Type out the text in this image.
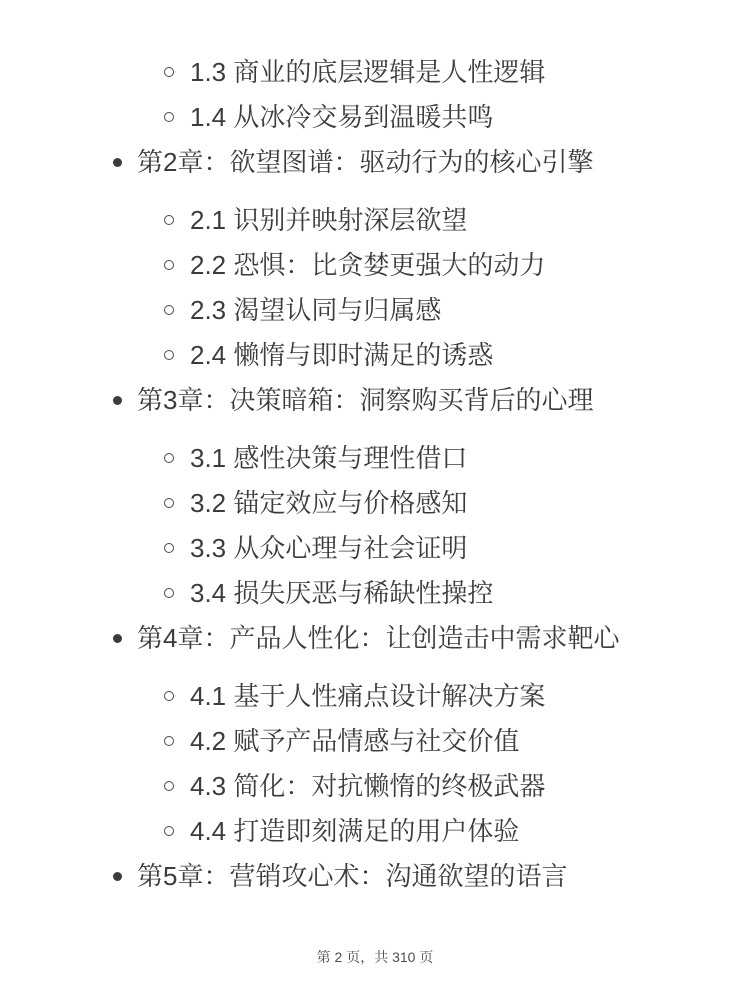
1.3 商业的底层逻辑是人性逻辑
1.4 从冰冷交易到温暖共鸣
第2章：欲望图谱：驱动行为的核心引擎
2.1 识别并映射深层欲望
2.2 恐惧：比贪婪更强大的动力
2.3 渴望认同与归属感
2.4 懒惰与即时满足的诱惑
第3章：决策暗箱：洞察购买背后的心理
3.1 感性决策与理性借口
3.2 锚定效应与价格感知
3.3 从众心理与社会证明
3.4 损失厌恶与稀缺性操控
第4章：产品人性化：让创造击中需求靶心
4.1 基于人性痛点设计解决方案
4.2 赋予产品情感与社交价值
4.3 简化：对抗懒惰的终极武器
4.4 打造即刻满足的用户体验
第5章：营销攻心术：沟通欲望的语言
第 2 页，共 310 页
